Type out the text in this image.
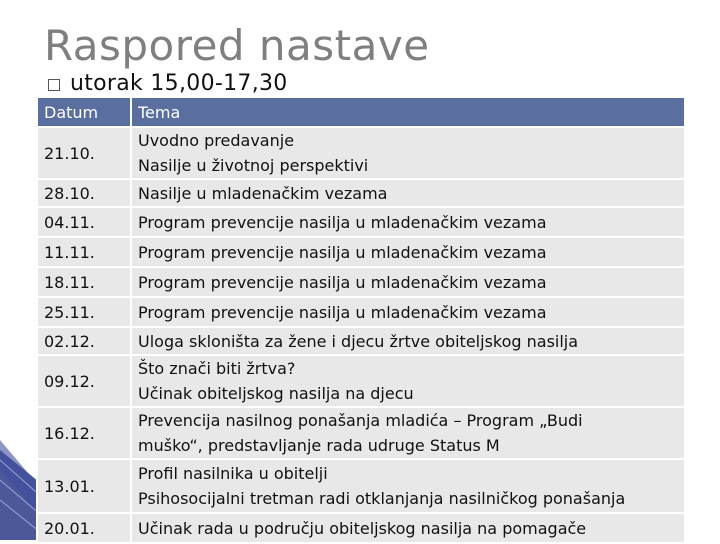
Raspored nastave
utorak 15,00-17,30
Datum	Tema
21.10.	Uvodno predavanje
Nasilje u životnoj perspektivi

28.10.	Nasilje u mladenačkim vezama

04.11.	Program prevencije nasilja u mladenačkim vezama

11.11.	Program prevencije nasilja u mladenačkim vezama

18.11.	Program prevencije nasilja u mladenačkim vezama

25.11.	Program prevencije nasilja u mladenačkim vezama

02.12.	Uloga skloništa za žene i djecu žrtve obiteljskog nasilja

09.12.	Što znači biti žrtva?
Učinak obiteljskog nasilja na djecu

16.12.	Prevencija nasilnog ponašanja mladića – Program „Budi
muško“, predstavljanje rada udruge Status M

13.01.	Profil nasilnika u obitelji
Psihosocijalni tretman radi otklanjanja nasilničkog ponašanja

20.01.	Učinak rada u području obiteljskog nasilja na pomagače
